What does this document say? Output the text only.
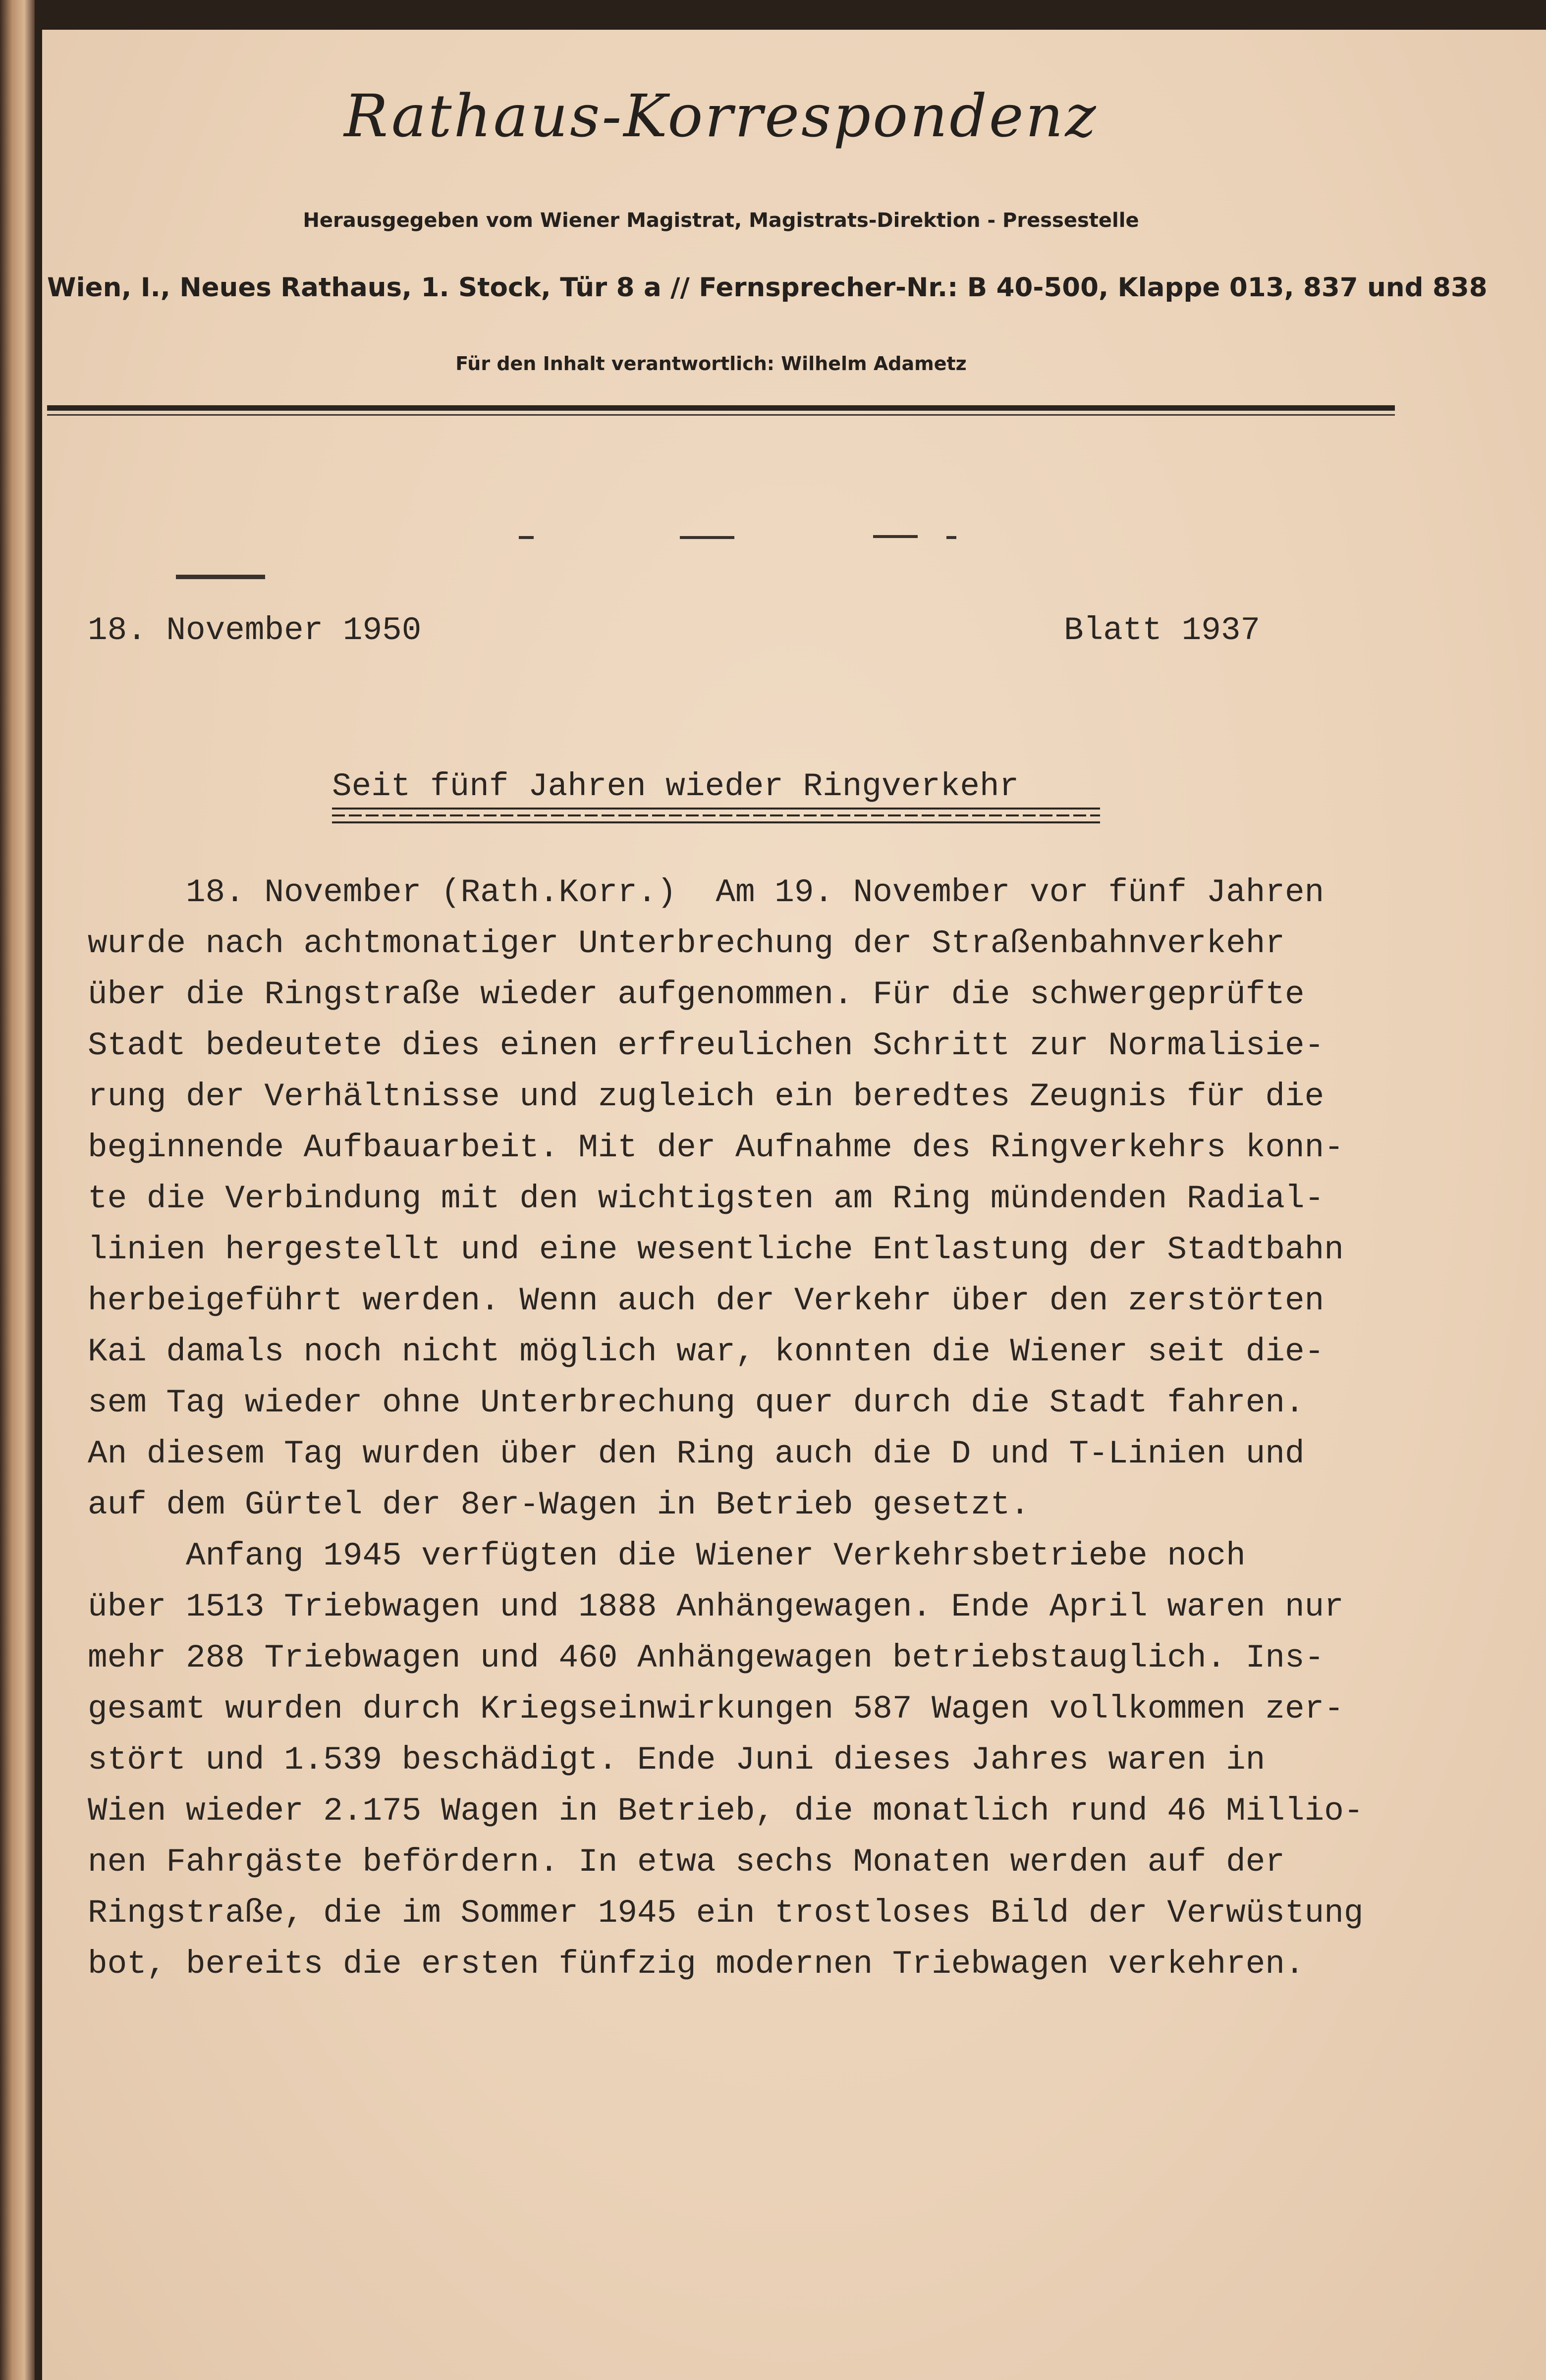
Rathaus-Korrespondenz
Herausgegeben vom Wiener Magistrat, Magistrats-Direktion - Pressestelle
Wien, I., Neues Rathaus, 1. Stock, Tür 8 a // Fernsprecher-Nr.: B 40-500, Klappe 013, 837 und 838
Für den Inhalt verantwortlich: Wilhelm Adametz
18. November 1950	Blatt 1937
Seit fünf Jahren wieder Ringverkehr
18. November (Rath.Korr.)  Am 19. November vor fünf Jahren
wurde nach achtmonatiger Unterbrechung der Straßenbahnverkehr
über die Ringstraße wieder aufgenommen. Für die schwergeprüfte
Stadt bedeutete dies einen erfreulichen Schritt zur Normalisie-
rung der Verhältnisse und zugleich ein beredtes Zeugnis für die
beginnende Aufbauarbeit. Mit der Aufnahme des Ringverkehrs konn-
te die Verbindung mit den wichtigsten am Ring mündenden Radial-
linien hergestellt und eine wesentliche Entlastung der Stadtbahn
herbeigeführt werden. Wenn auch der Verkehr über den zerstörten
Kai damals noch nicht möglich war, konnten die Wiener seit die-
sem Tag wieder ohne Unterbrechung quer durch die Stadt fahren.
An diesem Tag wurden über den Ring auch die D und T-Linien und
auf dem Gürtel der 8er-Wagen in Betrieb gesetzt.
Anfang 1945 verfügten die Wiener Verkehrsbetriebe noch
über 1513 Triebwagen und 1888 Anhängewagen. Ende April waren nur
mehr 288 Triebwagen und 460 Anhängewagen betriebstauglich. Ins-
gesamt wurden durch Kriegseinwirkungen 587 Wagen vollkommen zer-
stört und 1.539 beschädigt. Ende Juni dieses Jahres waren in
Wien wieder 2.175 Wagen in Betrieb, die monatlich rund 46 Millio-
nen Fahrgäste befördern. In etwa sechs Monaten werden auf der
Ringstraße, die im Sommer 1945 ein trostloses Bild der Verwüstung
bot, bereits die ersten fünfzig modernen Triebwagen verkehren.
